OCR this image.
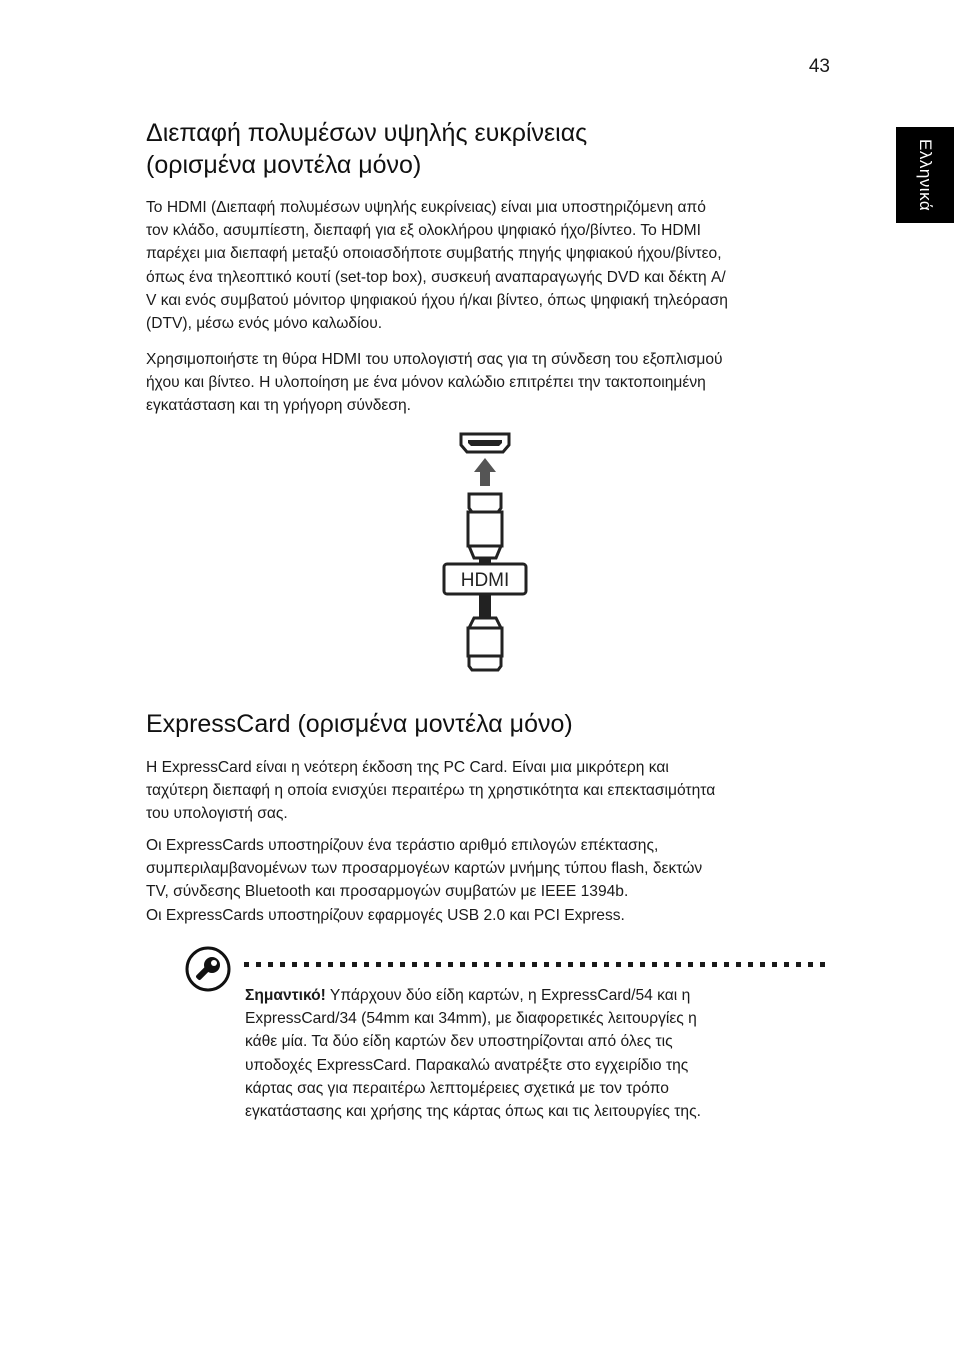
43
Ελληνικά
Διεπαφή πολυμέσων υψηλής ευκρίνειας
(ορισμένα μοντέλα μόνο)

Το HDMI (Διεπαφή πολυμέσων υψηλής ευκρίνειας) είναι μια υποστηριζόμενη από
τον κλάδο, ασυμπίεστη, διεπαφή για εξ ολοκλήρου ψηφιακό ήχο/βίντεο. Το HDMI
παρέχει μια διεπαφή μεταξύ οποιασδήποτε συμβατής πηγής ψηφιακού ήχου/βίντεο,
όπως ένα τηλεοπτικό κουτί (set-top box), συσκευή αναπαραγωγής DVD και δέκτη A/
V και ενός συμβατού μόνιτορ ψηφιακού ήχου ή/και βίντεο, όπως ψηφιακή τηλεόραση
(DTV), μέσω ενός μόνο καλωδίου.

Χρησιμοποιήστε τη θύρα HDMI του υπολογιστή σας για τη σύνδεση του εξοπλισμού
ήχου και βίντεο. Η υλοποίηση με ένα μόνον καλώδιο επιτρέπει την τακτοποιημένη
εγκατάσταση και τη γρήγορη σύνδεση.

HDMI
ExpressCard (ορισμένα μοντέλα μόνο)

Η ExpressCard είναι η νεότερη έκδοση της PC Card. Είναι μια μικρότερη και
ταχύτερη διεπαφή η οποία ενισχύει περαιτέρω τη χρηστικότητα και επεκτασιμότητα
του υπολογιστή σας.

Οι ExpressCards υποστηρίζουν ένα τεράστιο αριθμό επιλογών επέκτασης,
συμπεριλαμβανομένων των προσαρμογέων καρτών μνήμης τύπου flash, δεκτών
TV, σύνδεσης Bluetooth και προσαρμογών συμβατών με IEEE 1394b.
Οι ExpressCards υποστηρίζουν εφαρμογές USB 2.0 και PCI Express.

Σημαντικό! Υπάρχουν δύο είδη καρτών, η ExpressCard/54 και η
ExpressCard/34 (54mm και 34mm), με διαφορετικές λειτουργίες η
κάθε μία. Τα δύο είδη καρτών δεν υποστηρίζονται από όλες τις
υποδοχές ExpressCard. Παρακαλώ ανατρέξτε στο εγχειρίδιο της
κάρτας σας για περαιτέρω λεπτομέρειες σχετικά με τον τρόπο
εγκατάστασης και χρήσης της κάρτας όπως και τις λειτουργίες της.
